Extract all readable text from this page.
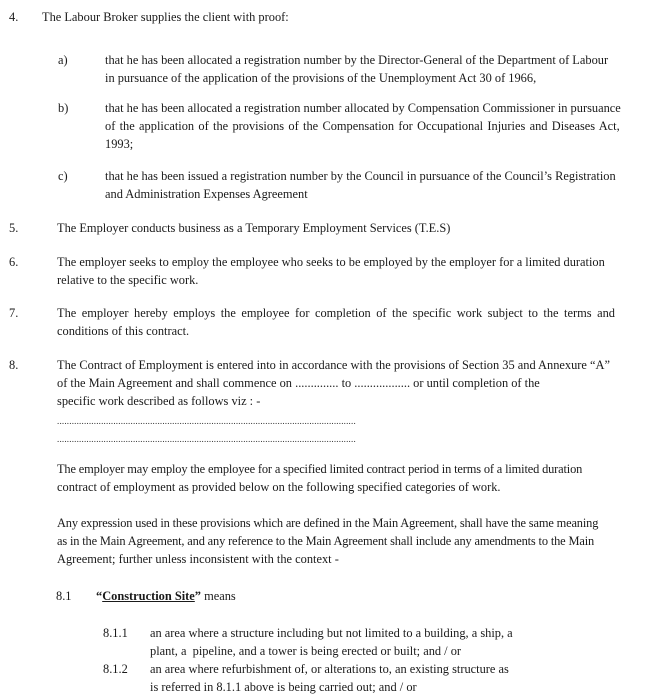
4. The Labour Broker supplies the client with proof:
a)	that he has been allocated a registration number by the Director-General of the Department of Labour
in pursuance of the application of the provisions of the Unemployment Act 30 of 1966,
b)	that he has been allocated a registration number allocated by Compensation Commissioner in pursuance
of the application of the provisions of the Compensation for Occupational Injuries and Diseases Act,
1993;
c)	that he has been issued a registration number by the Council in pursuance of the Council’s Registration
and Administration Expenses Agreement
5.	The Employer conducts business as a Temporary Employment Services (T.E.S)
6.	The employer seeks to employ the employee who seeks to be employed by the employer for a limited duration
relative to the specific work.
7.	The employer hereby employs the employee for completion of the specific work subject to the terms and
conditions of this contract.
8.	The Contract of Employment is entered into in accordance with the provisions of Section 35 and Annexure “A”
of the Main Agreement and shall commence on .............. to .................. or until completion of the
specific work described as follows viz : -
..........................................................................................................................
..........................................................................................................................
The employer may employ the employee for a specified limited contract period in terms of a limited duration
contract of employment as provided below on the following specified categories of work.
Any expression used in these provisions which are defined in the Main Agreement, shall have the same meaning
as in the Main Agreement, and any reference to the Main Agreement shall include any amendments to the Main
Agreement; further unless inconsistent with the context -
8.1 “Construction Site” means
8.1.1 an area where a structure including but not limited to a building, a ship, a
plant, a  pipeline, and a tower is being erected or built; and / or
8.1.2 an area where refurbishment of, or alterations to, an existing structure as
is referred in 8.1.1 above is being carried out; and / or
